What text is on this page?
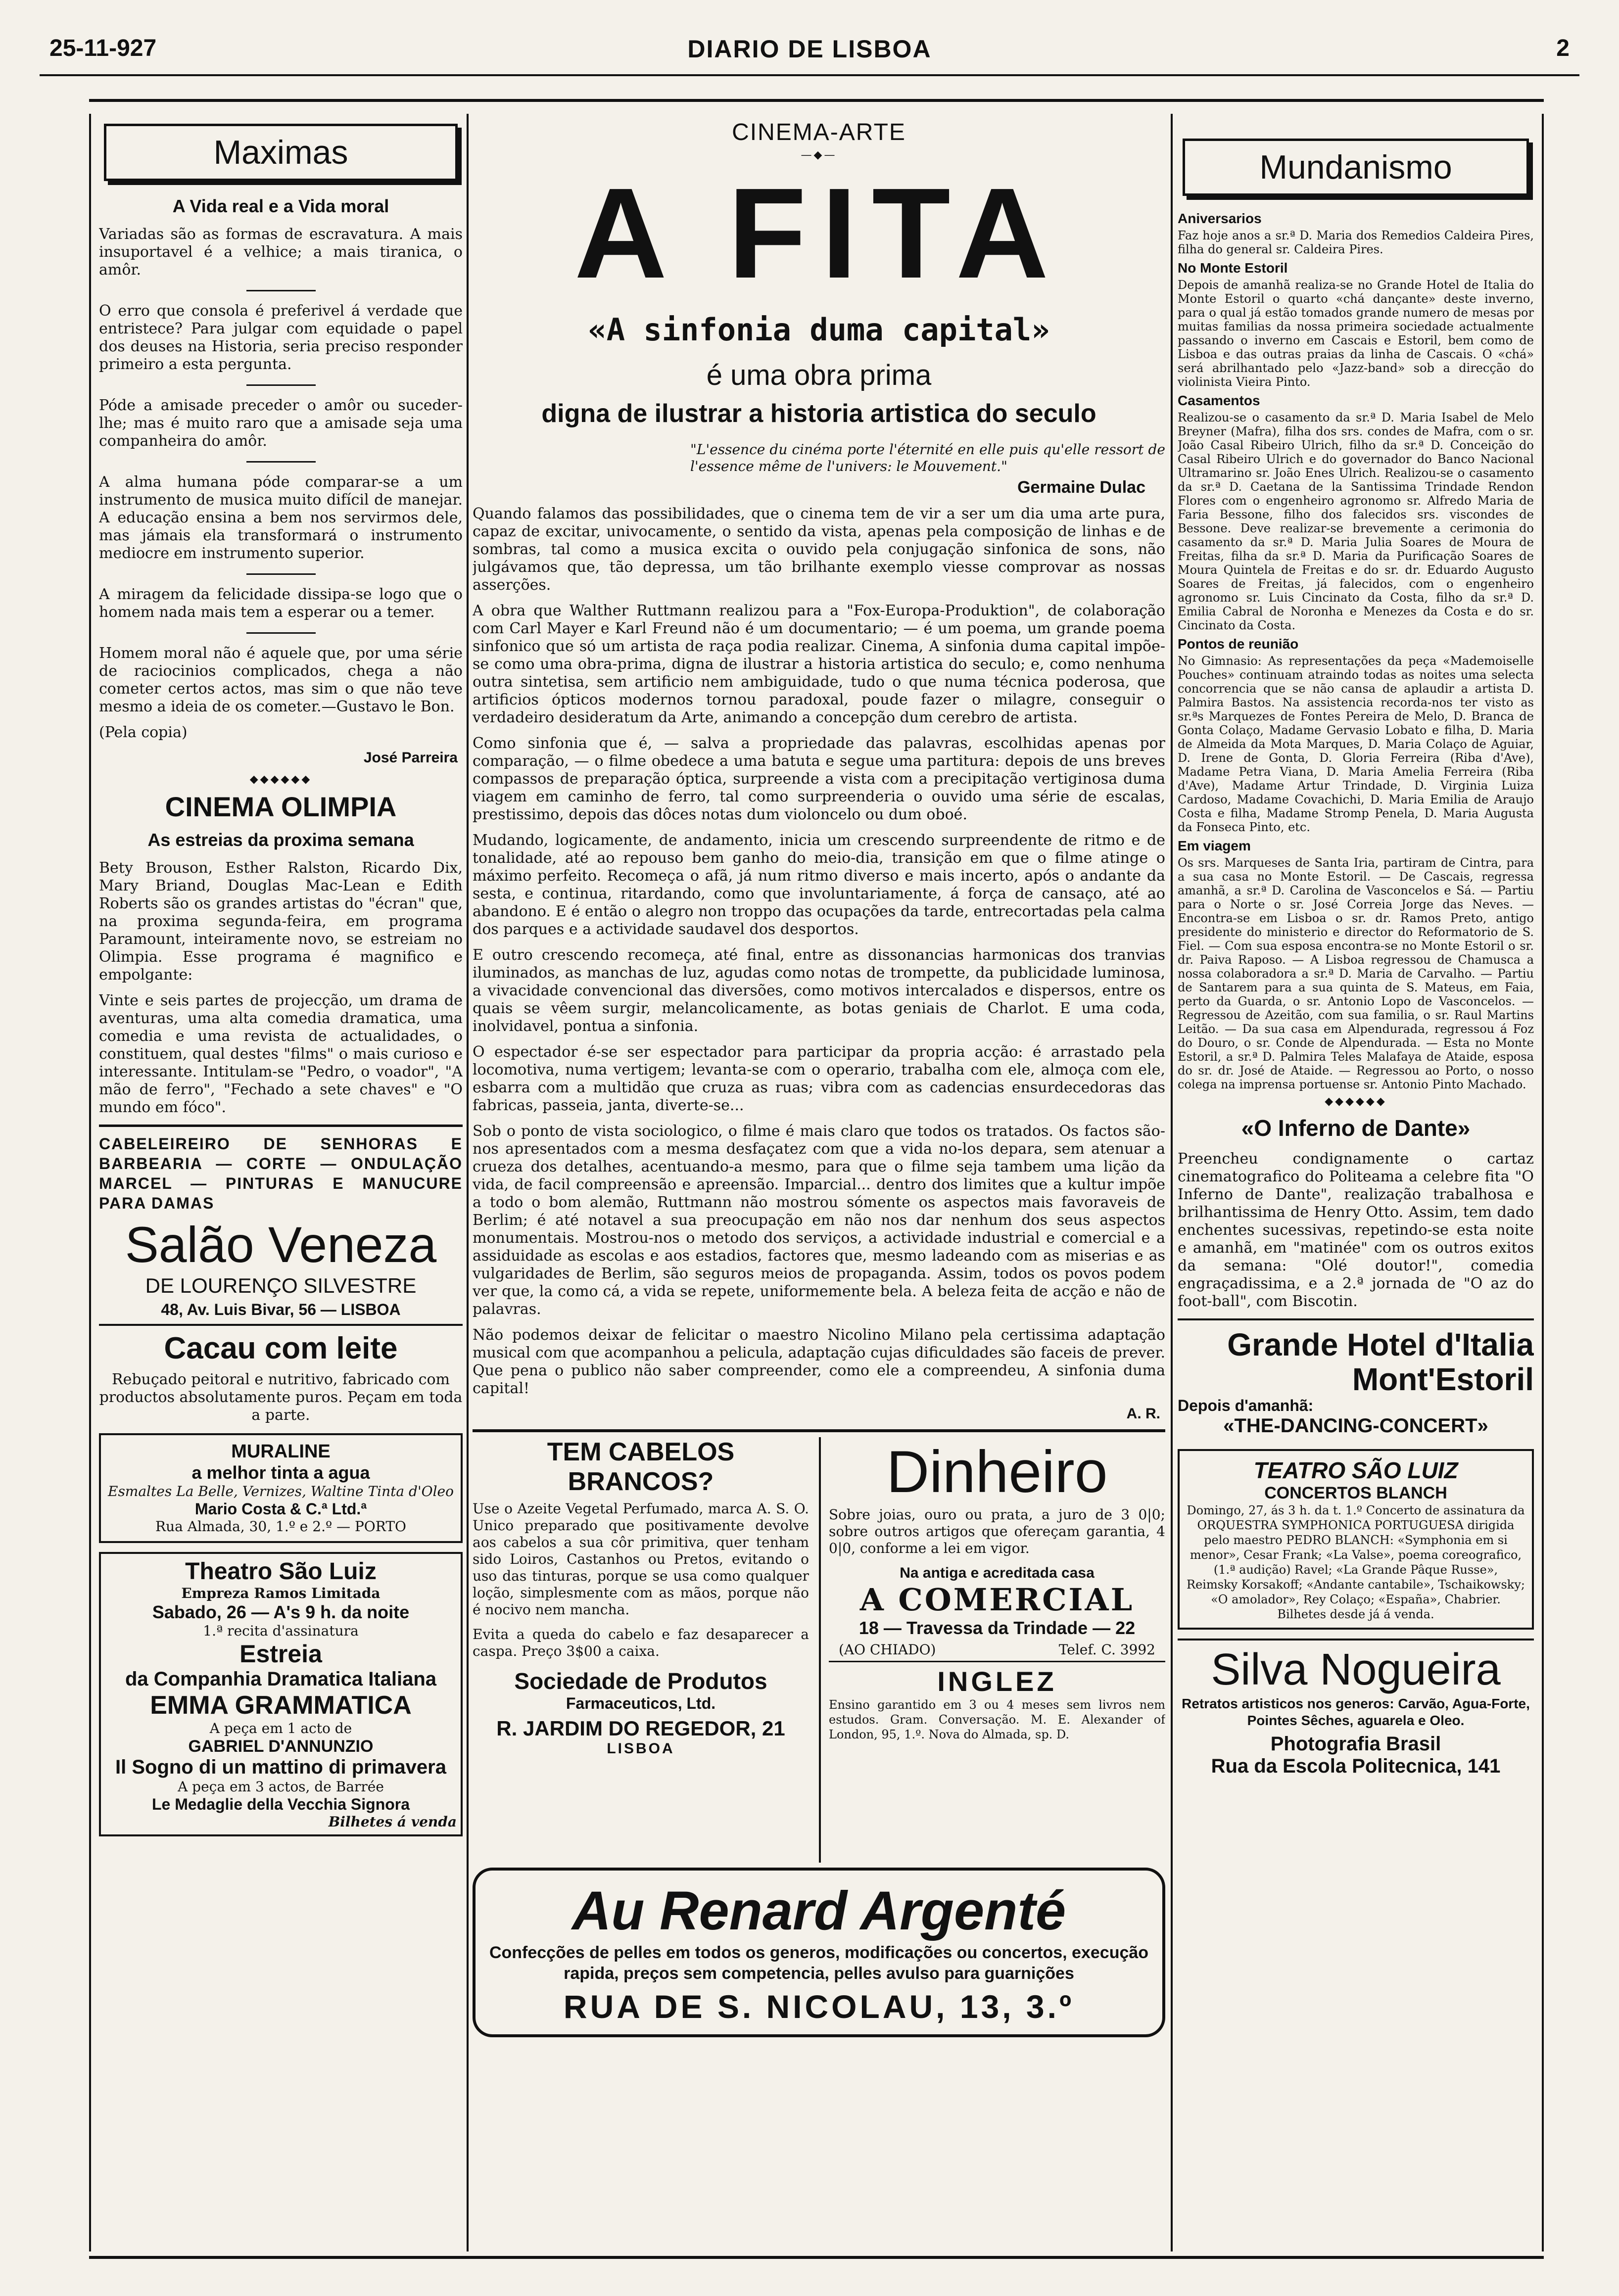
25-11-927	DIARIO DE LISBOA	2
Maximas
A Vida real e a Vida moral

Variadas são as formas de escravatura. A mais insuportavel é a velhice; a mais tiranica, o amôr.

O erro que consola é preferivel á verdade que entristece? Para julgar com equidade o papel dos deuses na Historia, seria preciso responder primeiro a esta pergunta.

Póde a amisade preceder o amôr ou suceder-lhe; mas é muito raro que a amisade seja uma companheira do amôr.

A alma humana póde comparar-se a um instrumento de musica muito difícil de manejar. A educação ensina a bem nos servirmos dele, mas jámais ela transformará o instrumento mediocre em instrumento superior.

A miragem da felicidade dissipa-se logo que o homem nada mais tem a esperar ou a temer.

Homem moral não é aquele que, por uma série de raciocinios complicados, chega a não cometer certos actos, mas sim o que não teve mesmo a ideia de os cometer.—Gustavo le Bon.

(Pela copia)

José Parreira
◆◆◆◆◆◆
CINEMA OLIMPIA
As estreias da proxima semana

Bety Brouson, Esther Ralston, Ricardo Dix, Mary Briand, Douglas Mac-Lean e Edith Roberts são os grandes artistas do "écran" que, na proxima segunda-feira, em programa Paramount, inteiramente novo, se estreiam no Olimpia. Esse programa é magnifico e empolgante:

Vinte e seis partes de projecção, um drama de aventuras, uma alta comedia dramatica, uma comedia e uma revista de actualidades, o constituem, qual destes "films" o mais curioso e interessante. Intitulam-se "Pedro, o voador", "A mão de ferro", "Fechado a sete chaves" e "O mundo em fóco".

CABELEIREIRO DE SENHORAS E BARBEARIA — CORTE — ONDULAÇÃO MARCEL — PINTURAS E MANUCURE PARA DAMAS
Salão Veneza
DE LOURENÇO SILVESTRE
48, Av. Luis Bivar, 56 — LISBOA
Cacau com leite

Rebuçado peitoral e nutritivo, fabricado com productos absolutamente puros. Peçam em toda a parte.

MURALINE
a melhor tinta a agua
Esmaltes La Belle, Vernizes, Waltine Tinta d'Oleo
Mario Costa & C.ª Ltd.ª
Rua Almada, 30, 1.º e 2.º — PORTO
Theatro São Luiz
Empreza Ramos Limitada
Sabado, 26 — A's 9 h. da noite
1.ª recita d'assinatura
Estreia
da Companhia Dramatica Italiana
EMMA GRAMMATICA
A peça em 1 acto de
GABRIEL D'ANNUNZIO
Il Sogno di un mattino di primavera
A peça em 3 actos, de Barrée
Le Medaglie della Vecchia Signora
Bilhetes á venda
CINEMA-ARTE
—◆—
A FITA
«A sinfonia duma capital»
é uma obra prima
digna de ilustrar a historia artistica do seculo
"L'essence du cinéma porte l'éternité en elle puis qu'elle ressort de l'essence même de l'univers: le Mouvement."
Germaine Dulac

Quando falamos das possibilidades, que o cinema tem de vir a ser um dia uma arte pura, capaz de excitar, univocamente, o sentido da vista, apenas pela composição de linhas e de sombras, tal como a musica excita o ouvido pela conjugação sinfonica de sons, não julgávamos que, tão depressa, um tão brilhante exemplo viesse comprovar as nossas asserções.

A obra que Walther Ruttmann realizou para a "Fox-Europa-Produktion", de colaboração com Carl Mayer e Karl Freund não é um documentario; — é um poema, um grande poema sinfonico que só um artista de raça podia realizar. Cinema, A sinfonia duma capital impõe-se como uma obra-prima, digna de ilustrar a historia artistica do seculo; e, como nenhuma outra sintetisa, sem artificio nem ambiguidade, tudo o que numa técnica poderosa, que artificios ópticos modernos tornou paradoxal, poude fazer o milagre, conseguir o verdadeiro desideratum da Arte, animando a concepção dum cerebro de artista.

Como sinfonia que é, — salva a propriedade das palavras, escolhidas apenas por comparação, — o filme obedece a uma batuta e segue uma partitura: depois de uns breves compassos de preparação óptica, surpreende a vista com a precipitação vertiginosa duma viagem em caminho de ferro, tal como surpreenderia o ouvido uma série de escalas, prestissimo, depois das dôces notas dum violoncelo ou dum oboé.

Mudando, logicamente, de andamento, inicia um crescendo surpreendente de ritmo e de tonalidade, até ao repouso bem ganho do meio-dia, transição em que o filme atinge o máximo perfeito. Recomeça o afã, já num ritmo diverso e mais incerto, após o andante da sesta, e continua, ritardando, como que involuntariamente, á força de cansaço, até ao abandono. E é então o alegro non troppo das ocupações da tarde, entrecortadas pela calma dos parques e a actividade saudavel dos desportos.

E outro crescendo recomeça, até final, entre as dissonancias harmonicas dos tranvias iluminados, as manchas de luz, agudas como notas de trompette, da publicidade luminosa, a vivacidade convencional das diversões, como motivos intercalados e dispersos, entre os quais se vêem surgir, melancolicamente, as botas geniais de Charlot. E uma coda, inolvidavel, pontua a sinfonia.

O espectador é-se ser espectador para participar da propria acção: é arrastado pela locomotiva, numa vertigem; levanta-se com o operario, trabalha com ele, almoça com ele, esbarra com a multidão que cruza as ruas; vibra com as cadencias ensurdecedoras das fabricas, passeia, janta, diverte-se...

Sob o ponto de vista sociologico, o filme é mais claro que todos os tratados. Os factos são-nos apresentados com a mesma desfaçatez com que a vida no-los depara, sem atenuar a crueza dos detalhes, acentuando-a mesmo, para que o filme seja tambem uma lição da vida, de facil compreensão e apreensão. Imparcial... dentro dos limites que a kultur impõe a todo o bom alemão, Ruttmann não mostrou sómente os aspectos mais favoraveis de Berlim; é até notavel a sua preocupação em não nos dar nenhum dos seus aspectos monumentais. Mostrou-nos o metodo dos serviços, a actividade industrial e comercial e a assiduidade as escolas e aos estadios, factores que, mesmo ladeando com as miserias e as vulgaridades de Berlim, são seguros meios de propaganda. Assim, todos os povos podem ver que, la como cá, a vida se repete, uniformemente bela. A beleza feita de acção e não de palavras.

Não podemos deixar de felicitar o maestro Nicolino Milano pela certissima adaptação musical com que acompanhou a pelicula, adaptação cujas dificuldades são faceis de prever. Que pena o publico não saber compreender, como ele a compreendeu, A sinfonia duma capital!

A. R.
TEM CABELOS BRANCOS?

Use o Azeite Vegetal Perfumado, marca A. S. O. Unico preparado que positivamente devolve aos cabelos a sua côr primitiva, quer tenham sido Loiros, Castanhos ou Pretos, evitando o uso das tinturas, porque se usa como qualquer loção, simplesmente com as mãos, porque não é nocivo nem mancha.

Evita a queda do cabelo e faz desaparecer a caspa. Preço 3$00 a caixa.

Sociedade de Produtos
Farmaceuticos, Ltd.
R. JARDIM DO REGEDOR, 21
LISBOA
Dinheiro

Sobre joias, ouro ou prata, a juro de 3 0|0; sobre outros artigos que ofereçam garantia, 4 0|0, conforme a lei em vigor.

Na antiga e acreditada casa
A COMERCIAL
18 — Travessa da Trindade — 22
(AO CHIADO)	Telef. C. 3992
INGLEZ

Ensino garantido em 3 ou 4 meses sem livros nem estudos. Gram. Conversação. M. E. Alexander of London, 95, 1.º. Nova do Almada, sp. D.

Au Renard Argenté
Confecções de pelles em todos os generos, modificações ou concertos, execução rapida, preços sem competencia, pelles avulso para guarnições
RUA DE S. NICOLAU, 13, 3.º
Mundanismo
Aniversarios

Faz hoje anos a sr.ª D. Maria dos Remedios Caldeira Pires, filha do general sr. Caldeira Pires.

No Monte Estoril

Depois de amanhã realiza-se no Grande Hotel de Italia do Monte Estoril o quarto «chá dançante» deste inverno, para o qual já estão tomados grande numero de mesas por muitas familias da nossa primeira sociedade actualmente passando o inverno em Cascais e Estoril, bem como de Lisboa e das outras praias da linha de Cascais. O «chá» será abrilhantado pelo «Jazz-band» sob a direcção do violinista Vieira Pinto.

Casamentos

Realizou-se o casamento da sr.ª D. Maria Isabel de Melo Breyner (Mafra), filha dos srs. condes de Mafra, com o sr. João Casal Ribeiro Ulrich, filho da sr.ª D. Conceição do Casal Ribeiro Ulrich e do governador do Banco Nacional Ultramarino sr. João Enes Ulrich. Realizou-se o casamento da sr.ª D. Caetana de la Santissima Trindade Rendon Flores com o engenheiro agronomo sr. Alfredo Maria de Faria Bessone, filho dos falecidos srs. viscondes de Bessone. Deve realizar-se brevemente a cerimonia do casamento da sr.ª D. Maria Julia Soares de Moura de Freitas, filha da sr.ª D. Maria da Purificação Soares de Moura Quintela de Freitas e do sr. dr. Eduardo Augusto Soares de Freitas, já falecidos, com o engenheiro agronomo sr. Luis Cincinato da Costa, filho da sr.ª D. Emilia Cabral de Noronha e Menezes da Costa e do sr. Cincinato da Costa.

Pontos de reunião

No Gimnasio: As representações da peça «Mademoiselle Pouches» continuam atraindo todas as noites uma selecta concorrencia que se não cansa de aplaudir a artista D. Palmira Bastos. Na assistencia recorda-nos ter visto as sr.ªs Marquezes de Fontes Pereira de Melo, D. Branca de Gonta Colaço, Madame Gervasio Lobato e filha, D. Maria de Almeida da Mota Marques, D. Maria Colaço de Aguiar, D. Irene de Gonta, D. Gloria Ferreira (Riba d'Ave), Madame Petra Viana, D. Maria Amelia Ferreira (Riba d'Ave), Madame Artur Trindade, D. Virginia Luiza Cardoso, Madame Covachichi, D. Maria Emilia de Araujo Costa e filha, Madame Stromp Penela, D. Maria Augusta da Fonseca Pinto, etc.

Em viagem

Os srs. Marqueses de Santa Iria, partiram de Cintra, para a sua casa no Monte Estoril. — De Cascais, regressa amanhã, a sr.ª D. Carolina de Vasconcelos e Sá. — Partiu para o Norte o sr. José Correia Jorge das Neves. — Encontra-se em Lisboa o sr. dr. Ramos Preto, antigo presidente do ministerio e director do Reformatorio de S. Fiel. — Com sua esposa encontra-se no Monte Estoril o sr. dr. Paiva Raposo. — A Lisboa regressou de Chamusca a nossa colaboradora a sr.ª D. Maria de Carvalho. — Partiu de Santarem para a sua quinta de S. Mateus, em Faia, perto da Guarda, o sr. Antonio Lopo de Vasconcelos. — Regressou de Azeitão, com sua familia, o sr. Raul Martins Leitão. — Da sua casa em Alpendurada, regressou á Foz do Douro, o sr. Conde de Alpendurada. — Esta no Monte Estoril, a sr.ª D. Palmira Teles Malafaya de Ataide, esposa do sr. dr. José de Ataide. — Regressou ao Porto, o nosso colega na imprensa portuense sr. Antonio Pinto Machado.

◆◆◆◆◆◆
«O Inferno de Dante»

Preencheu condignamente o cartaz cinematografico do Politeama a celebre fita "O Inferno de Dante", realização trabalhosa e brilhantissima de Henry Otto. Assim, tem dado enchentes sucessivas, repetindo-se esta noite e amanhã, em "matinée" com os outros exitos da semana: "Olé doutor!", comedia engraçadissima, e a 2.ª jornada de "O az do foot-ball", com Biscotin.

Grande Hotel d'Italia
Mont'Estoril
Depois d'amanhã:
«THE-DANCING-CONCERT»
TEATRO SÃO LUIZ
CONCERTOS BLANCH
Domingo, 27, ás 3 h. da t. 1.º Concerto de assinatura da ORQUESTRA SYMPHONICA PORTUGUESA dirigida pelo maestro PEDRO BLANCH: «Symphonia em si menor», Cesar Frank; «La Valse», poema coreografico, (1.ª audição) Ravel; «La Grande Pâque Russe», Reimsky Korsakoff; «Andante cantabile», Tschaikowsky; «O amolador», Rey Colaço; «España», Chabrier. Bilhetes desde já á venda.
Silva Nogueira
Retratos artisticos nos generos: Carvão, Agua-Forte, Pointes Sêches, aguarela e Oleo.
Photografia Brasil
Rua da Escola Politecnica, 141
